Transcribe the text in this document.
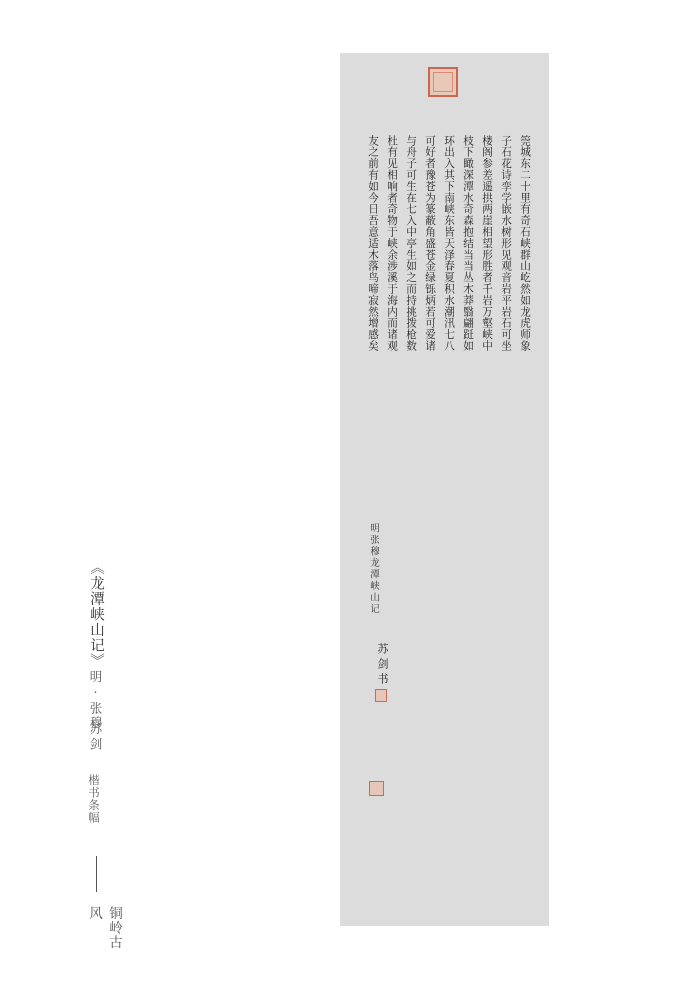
《龙潭峡山记》
明·张穆
苏剑
楷书条幅
铜岭古风
筦城东二十里有奇石峡群山屹然如龙虎师象
子石花诗孪学嵌水树形见观音岩平岩石可坐
楼阁参差遥拱两崖相望形胜者千岩万壑峡中
枝下瞰深潭水奇森抱结当当丛木莽翳翩跹如
环出入其下南峡东皆天泽春夏积水潮汛七八
可好者豫苍为篆蔽角盛苍金绿铄炳若可爱诸
与舟子可生在七入中亭生如之而持挑拨枪数
杜有见相响者奇物于峡余涉溪于海内而诸观
友之前有如今日吾意适木落鸟啼寂然增感矣
明张穆龙潭峡山记
苏剑书
